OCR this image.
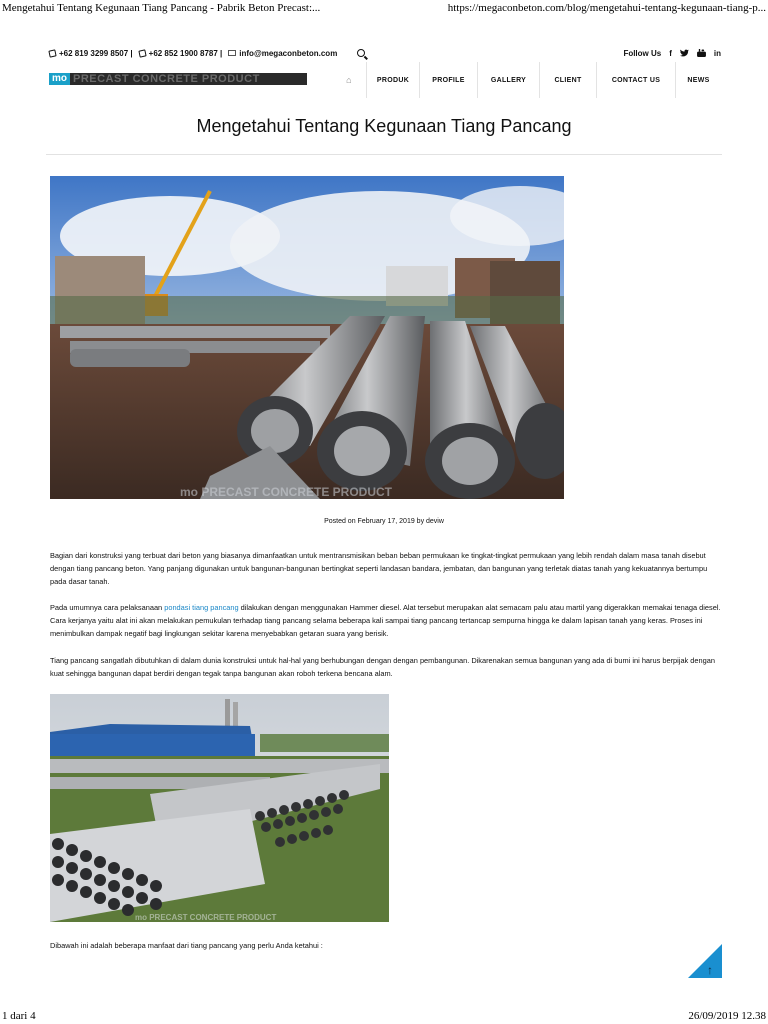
Mengetahui Tentang Kegunaan Tiang Pancang - Pabrik Beton Precast:...	https://megaconbeton.com/blog/mengetahui-tentang-kegunaan-tiang-p...
+62 819 3299 8507 | +62 852 1900 8787 | info@megaconbeton.com	Follow Us f	in
mo PRECAST CONCRETE PRODUCT	⌂	PRODUK	PROFILE	GALLERY	CLIENT	CONTACT US	NEWS
Mengetahui Tentang Kegunaan Tiang Pancang
mo PRECAST CONCRETE PRODUCT
Posted on February 17, 2019 by deviw

Bagian dari konstruksi yang terbuat dari beton yang biasanya dimanfaatkan untuk mentransmisikan beban beban permukaan ke tingkat-tingkat permukaan yang lebih rendah dalam masa tanah disebut dengan tiang pancang beton. Yang panjang digunakan untuk bangunan-bangunan bertingkat seperti landasan bandara, jembatan, dan bangunan yang terletak diatas tanah yang kekuatannya bertumpu pada dasar tanah.

Pada umumnya cara pelaksanaan pondasi tiang pancang dilakukan dengan menggunakan Hammer diesel. Alat tersebut merupakan alat semacam palu atau martil yang digerakkan memakai tenaga diesel. Cara kerjanya yaitu alat ini akan melakukan pemukulan terhadap tiang pancang selama beberapa kali sampai tiang pancang tertancap sempurna hingga ke dalam lapisan tanah yang keras. Proses ini menimbulkan dampak negatif bagi lingkungan sekitar karena menyebabkan getaran suara yang berisik.

Tiang pancang sangatlah dibutuhkan di dalam dunia konstruksi untuk hal-hal yang berhubungan dengan dengan pembangunan. Dikarenakan semua bangunan yang ada di bumi ini harus berpijak dengan kuat sehingga bangunan dapat berdiri dengan tegak tanpa bangunan akan roboh terkena bencana alam.

mo PRECAST CONCRETE PRODUCT

Dibawah ini adalah beberapa manfaat dari tiang pancang yang perlu Anda ketahui :

↑
1 dari 4	26/09/2019 12.38
